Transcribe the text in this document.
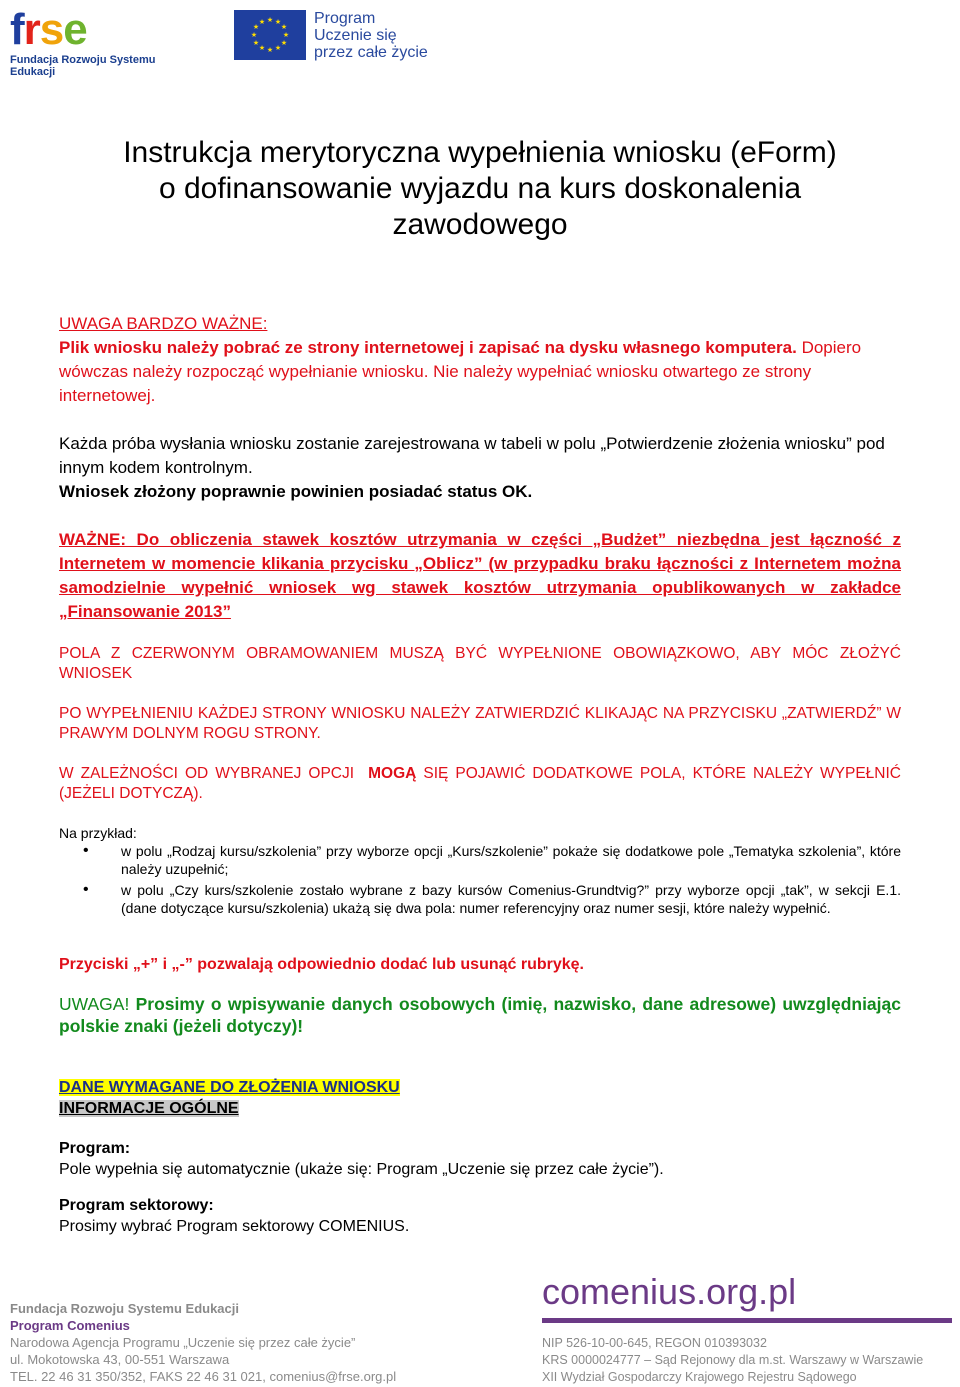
frse
Fundacja Rozwoju Systemu Edukacji
★ ★
★
★
★
★
★
★
★
★
★
★	Program
Uczenie się
przez całe życie
Instrukcja merytoryczna wypełnienia wniosku (eForm)
o dofinansowanie wyjazdu na kurs doskonalenia
zawodowego
UWAGA BARDZO WAŻNE:
Plik wniosku należy pobrać ze strony internetowej i zapisać na dysku własnego komputera. Dopiero wówczas należy rozpocząć wypełnianie wniosku. Nie należy wypełniać wniosku otwartego ze strony internetowej.
Każda próba wysłania wniosku zostanie zarejestrowana w tabeli w polu „Potwierdzenie złożenia wniosku” pod innym kodem kontrolnym.
Wniosek złożony poprawnie powinien posiadać status OK.
WAŻNE: Do obliczenia stawek kosztów utrzymania w części „Budżet” niezbędna jest łączność z Internetem w momencie klikania przycisku „Oblicz” (w przypadku braku łączności z Internetem można samodzielnie wypełnić wniosek wg stawek kosztów utrzymania opublikowanych w zakładce „Finansowanie 2013”
POLA Z CZERWONYM OBRAMOWANIEM MUSZĄ BYĆ WYPEŁNIONE OBOWIĄZKOWO, ABY MÓC ZŁOŻYĆ WNIOSEK
PO WYPEŁNIENIU KAŻDEJ STRONY WNIOSKU NALEŻY ZATWIERDZIĆ KLIKAJĄC NA PRZYCISKU „ZATWIERDŹ” W PRAWYM DOLNYM ROGU STRONY.
W ZALEŻNOŚCI OD WYBRANEJ OPCJI MOGĄ SIĘ POJAWIĆ DODATKOWE POLA, KTÓRE NALEŻY WYPEŁNIĆ (JEŻELI DOTYCZĄ).
Na przykład:
• w polu „Rodzaj kursu/szkolenia” przy wyborze opcji „Kurs/szkolenie” pokaże się dodatkowe pole „Tematyka szkolenia”, które należy uzupełnić;
• w polu „Czy kurs/szkolenie zostało wybrane z bazy kursów Comenius-Grundtvig?” przy wyborze opcji „tak”, w sekcji E.1. (dane dotyczące kursu/szkolenia) ukażą się dwa pola: numer referencyjny oraz numer sesji, które należy wypełnić.
Przyciski „+” i „-” pozwalają odpowiednio dodać lub usunąć rubrykę.
UWAGA! Prosimy o wpisywanie danych osobowych (imię, nazwisko, dane adresowe) uwzględniając polskie znaki (jeżeli dotyczy)!
DANE WYMAGANE DO ZŁOŻENIA WNIOSKU
INFORMACJE OGÓLNE
Program:
Pole wypełnia się automatycznie (ukaże się: Program „Uczenie się przez całe życie”).
Program sektorowy:
Prosimy wybrać Program sektorowy COMENIUS.
Fundacja Rozwoju Systemu Edukacji
Program Comenius
Narodowa Agencja Programu „Uczenie się przez całe życie”
ul. Mokotowska 43, 00-551 Warszawa
TEL. 22 46 31 350/352, FAKS 22 46 31 021, comenius@frse.org.pl
comenius.org.pl
NIP 526-10-00-645, REGON 010393032
KRS 0000024777 – Sąd Rejonowy dla m.st. Warszawy w Warszawie
XII Wydział Gospodarczy Krajowego Rejestru Sądowego
